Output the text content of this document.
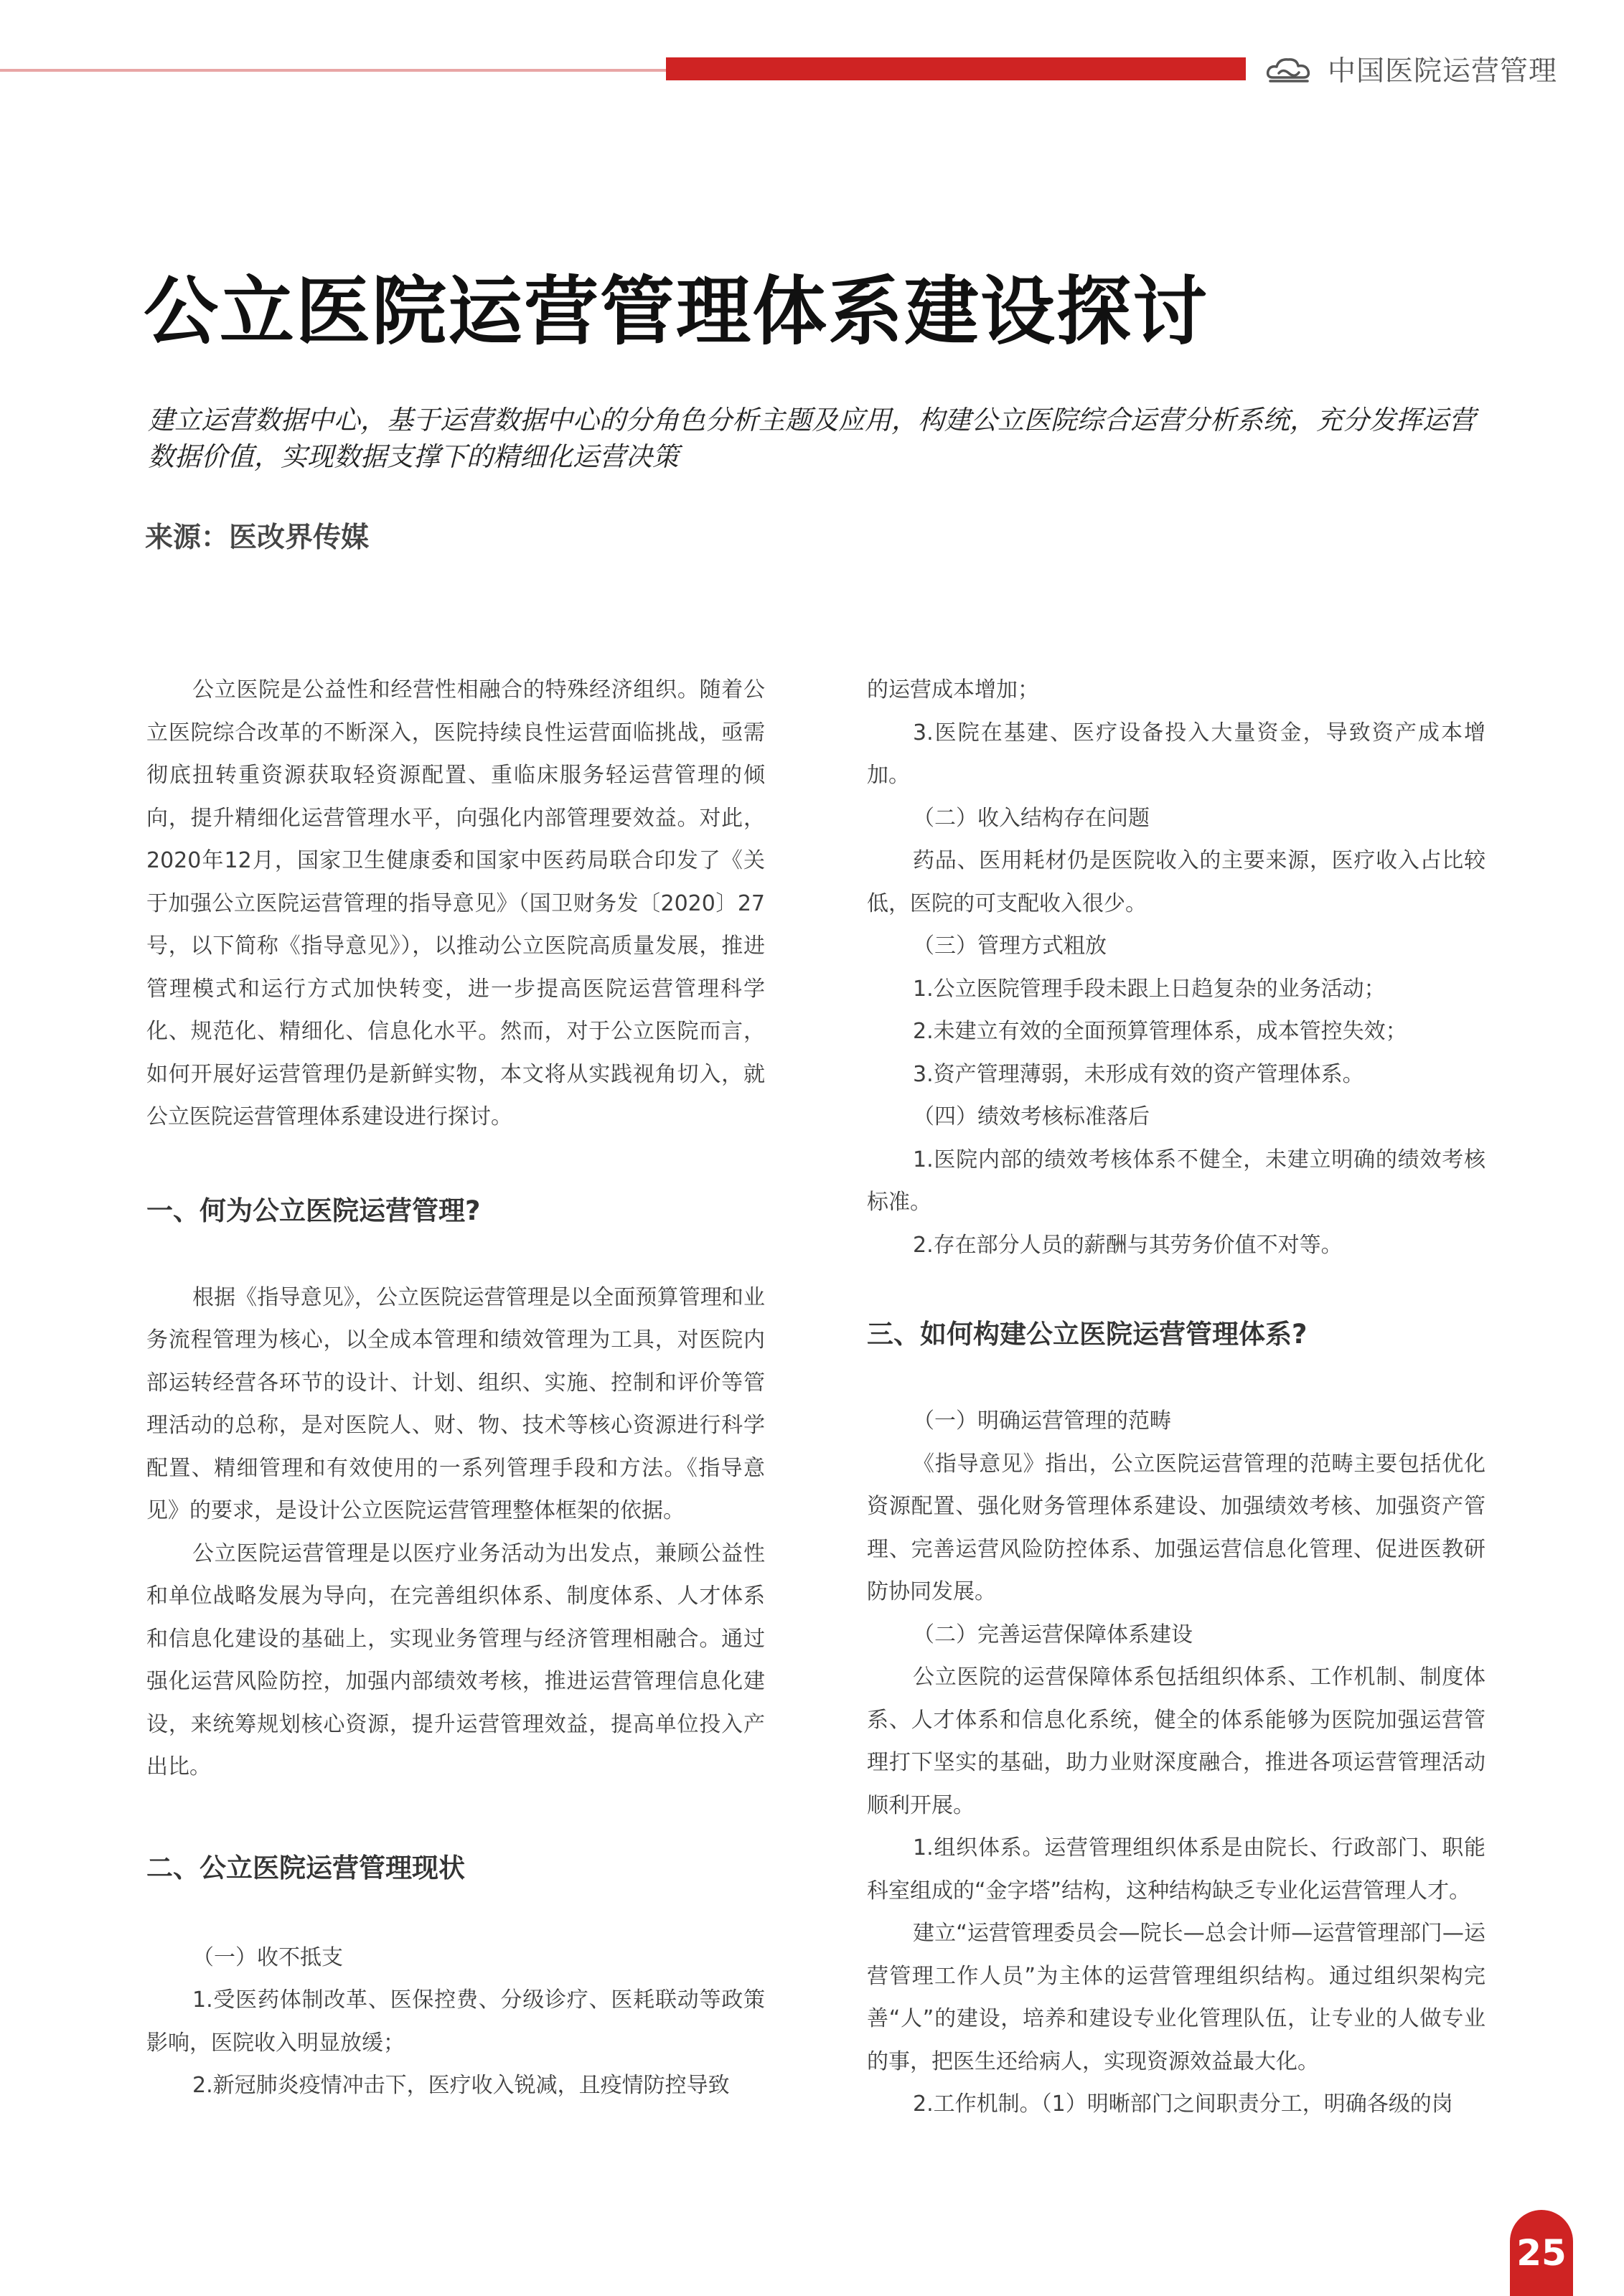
中国医院运营管理
公立医院运营管理体系建设探讨

建立运营数据中心，基于运营数据中心的分角色分析主题及应用，构建公立医院综合运营分析系统，充分发挥运营数据价值，实现数据支撑下的精细化运营决策

来源：医改界传媒

公立医院是公益性和经营性相融合的特殊经济组织。随着公立医院综合改革的不断深入，医院持续良性运营面临挑战，亟需彻底扭转重资源获取轻资源配置、重临床服务轻运营管理的倾向，提升精细化运营管理水平，向强化内部管理要效益。对此，2020年12月，国家卫生健康委和国家中医药局联合印发了《关于加强公立医院运营管理的指导意见》（国卫财务发〔2020〕27号，以下简称《指导意见》），以推动公立医院高质量发展，推进管理模式和运行方式加快转变，进一步提高医院运营管理科学化、规范化、精细化、信息化水平。然而，对于公立医院而言，如何开展好运营管理仍是新鲜实物，本文将从实践视角切入，就公立医院运营管理体系建设进行探讨。

一、何为公立医院运营管理?

根据《指导意见》，公立医院运营管理是以全面预算管理和业务流程管理为核心，以全成本管理和绩效管理为工具，对医院内部运转经营各环节的设计、计划、组织、实施、控制和评价等管理活动的总称，是对医院人、财、物、技术等核心资源进行科学配置、精细管理和有效使用的一系列管理手段和方法。《指导意见》的要求，是设计公立医院运营管理整体框架的依据。

公立医院运营管理是以医疗业务活动为出发点，兼顾公益性和单位战略发展为导向，在完善组织体系、制度体系、人才体系和信息化建设的基础上，实现业务管理与经济管理相融合。通过强化运营风险防控，加强内部绩效考核，推进运营管理信息化建设，来统筹规划核心资源，提升运营管理效益，提高单位投入产出比。

二、公立医院运营管理现状

（一）收不抵支

1.受医药体制改革、医保控费、分级诊疗、医耗联动等政策影响，医院收入明显放缓；

2.新冠肺炎疫情冲击下，医疗收入锐减，且疫情防控导致

的运营成本增加；

3.医院在基建、医疗设备投入大量资金，导致资产成本增加。

（二）收入结构存在问题

药品、医用耗材仍是医院收入的主要来源，医疗收入占比较低，医院的可支配收入很少。

（三）管理方式粗放

1.公立医院管理手段未跟上日趋复杂的业务活动；

2.未建立有效的全面预算管理体系，成本管控失效；

3.资产管理薄弱，未形成有效的资产管理体系。

（四）绩效考核标准落后

1.医院内部的绩效考核体系不健全，未建立明确的绩效考核标准。

2.存在部分人员的薪酬与其劳务价值不对等。

三、如何构建公立医院运营管理体系?

（一）明确运营管理的范畴

《指导意见》指出，公立医院运营管理的范畴主要包括优化资源配置、强化财务管理体系建设、加强绩效考核、加强资产管理、完善运营风险防控体系、加强运营信息化管理、促进医教研防协同发展。

（二）完善运营保障体系建设

公立医院的运营保障体系包括组织体系、工作机制、制度体系、人才体系和信息化系统，健全的体系能够为医院加强运营管理打下坚实的基础，助力业财深度融合，推进各项运营管理活动顺利开展。

1.组织体系。运营管理组织体系是由院长、行政部门、职能科室组成的“金字塔”结构，这种结构缺乏专业化运营管理人才。

建立“运营管理委员会—院长—总会计师—运营管理部门—运营管理工作人员”为主体的运营管理组织结构。通过组织架构完善“人”的建设，培养和建设专业化管理队伍，让专业的人做专业的事，把医生还给病人，实现资源效益最大化。

2.工作机制。（1）明晰部门之间职责分工，明确各级的岗

25
